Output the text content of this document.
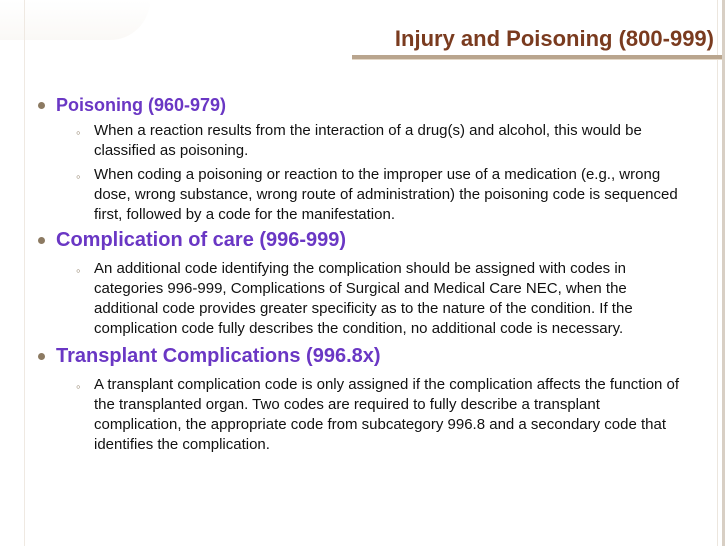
Injury and Poisoning (800-999)
Poisoning (960-979)
◦ When a reaction results from the interaction of a drug(s) and alcohol, this would be classified as poisoning.
◦ When coding a poisoning or reaction to the improper use of a medication (e.g., wrong dose, wrong substance, wrong route of administration) the poisoning code is sequenced first, followed by a code for the manifestation.
Complication of care (996-999)
◦ An additional code identifying the complication should be assigned with codes in categories 996-999, Complications of Surgical and Medical Care NEC, when the additional code provides greater specificity as to the nature of the condition. If the complication code fully describes the condition, no additional code is necessary.
Transplant Complications (996.8x)
◦ A transplant complication code is only assigned if the complication affects the function of the transplanted organ. Two codes are required to fully describe a transplant complication, the appropriate code from subcategory 996.8 and a secondary code that identifies the complication.
